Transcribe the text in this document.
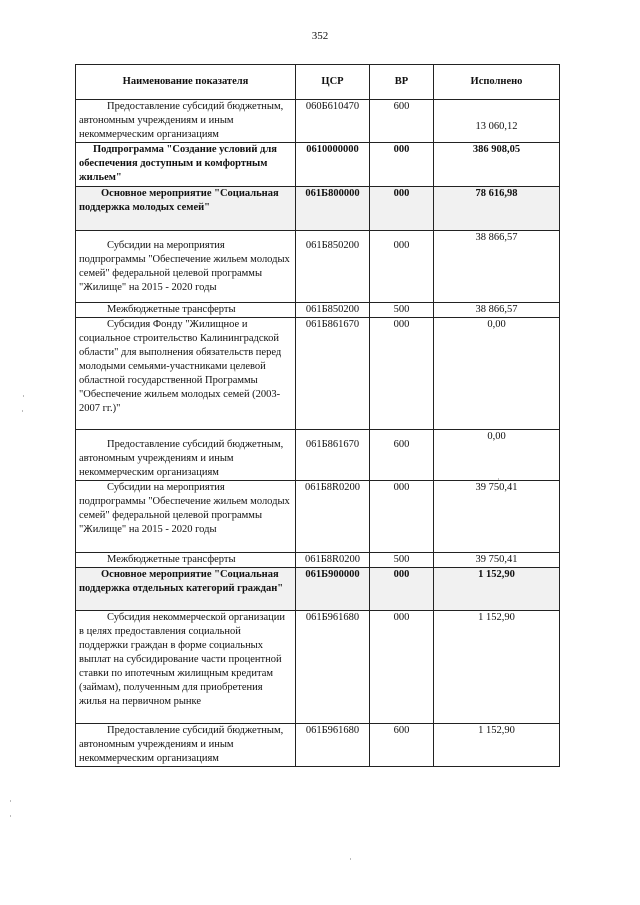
352
Наименование показателя	ЦСР	ВР	Исполнено
Предоставление субсидий бюджетным, автономным учреждениям и иным некоммерческим организациям	060Б610470	600	13 060,12
Подпрограмма "Создание условий для обеспечения доступным и комфортным жильем"	0610000000	000	386 908,05
Основное мероприятие "Социальная поддержка молодых семей"	061Б800000	000	78 616,98
Субсидии на мероприятия подпрограммы "Обеспечение жильем молодых семей" федеральной целевой программы "Жилище" на 2015 - 2020 годы	061Б850200	000	38 866,57
Межбюджетные трансферты	061Б850200	500	38 866,57
Субсидия Фонду "Жилищное и социальное строительство Калининградской области" для выполнения обязательств перед молодыми семьями-участниками целевой областной государственной Программы "Обеспечение жильем молодых семей (2003-2007 гг.)"	061Б861670	000	0,00
Предоставление субсидий бюджетным, автономным учреждениям и иным некоммерческим организациям	061Б861670	600	0,00
Субсидии на мероприятия подпрограммы "Обеспечение жильем молодых семей" федеральной целевой программы "Жилище" на 2015 - 2020 годы	061Б8R0200	000	39 750,41
Межбюджетные трансферты	061Б8R0200	500	39 750,41
Основное мероприятие "Социальная поддержка отдельных категорий граждан"	061Б900000	000	1 152,90
Субсидия некоммерческой организации в целях предоставления социальной поддержки граждан в форме социальных выплат на субсидирование части процентной ставки по ипотечным жилищным кредитам (займам), полученным для приобретения жилья на первичном рынке	061Б961680	000	1 152,90
Предоставление субсидий бюджетным, автономным учреждениям и иным некоммерческим организациям	061Б961680	600	1 152,90
